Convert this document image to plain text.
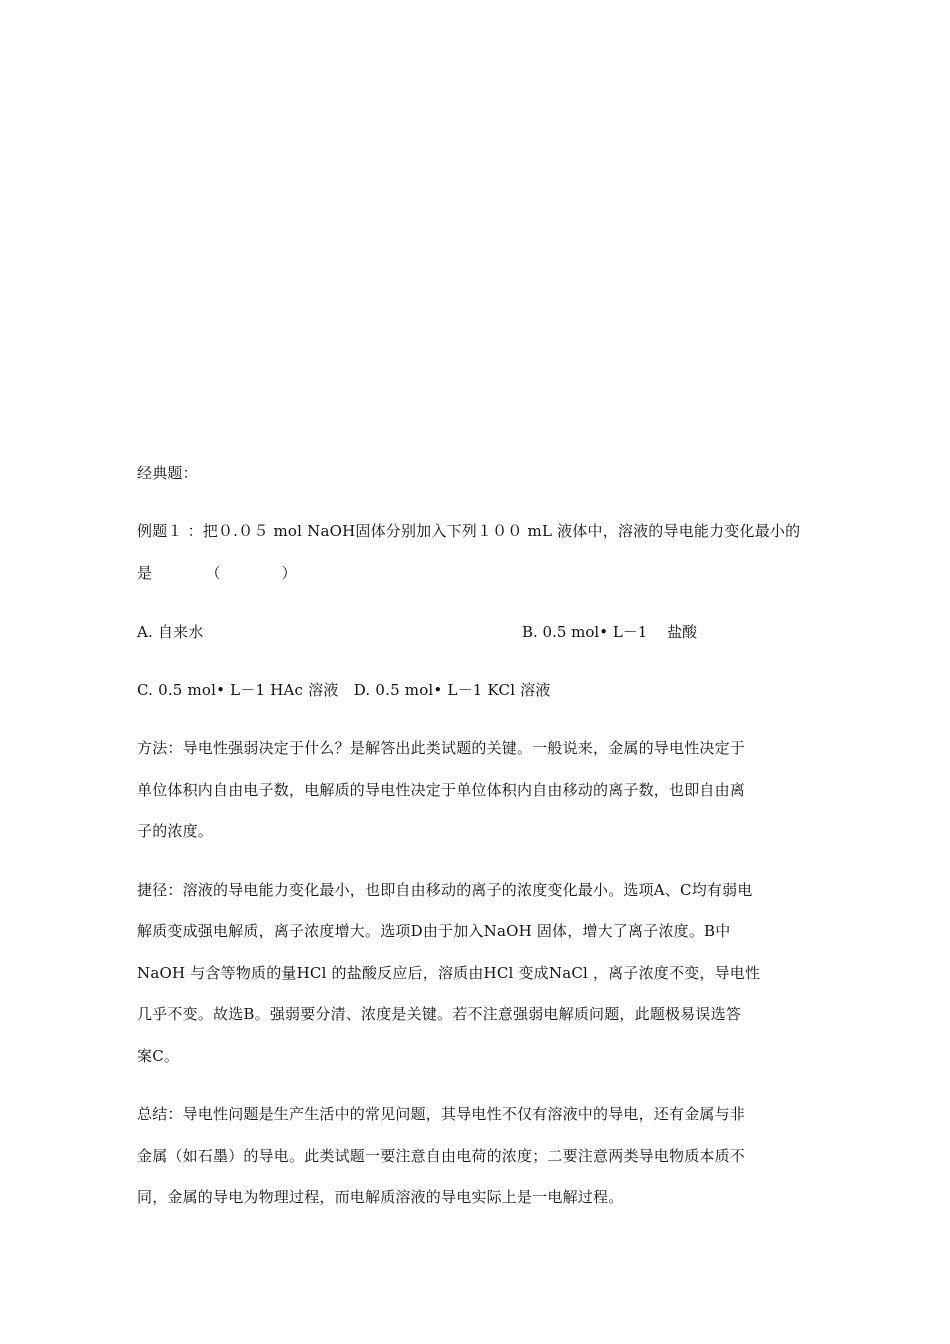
经典题：
例题１ ：把０.０５ mol NaOH固体分别加入下列１００ mL 液体中，溶液的导电能力变化最小的
是　　　　（　　　　）
A. 自来水	B. 0.5 mol• L－1　 盐酸
C. 0.5 mol• L－1 HAc 溶液　D. 0.5 mol• L－1 KCl 溶液
方法：导电性强弱决定于什么？是解答出此类试题的关键。一般说来，金属的导电性决定于
单位体积内自由电子数，电解质的导电性决定于单位体积内自由移动的离子数，也即自由离
子的浓度。
捷径：溶液的导电能力变化最小，也即自由移动的离子的浓度变化最小。选项A、C均有弱电
解质变成强电解质，离子浓度增大。选项D由于加入NaOH 固体，增大了离子浓度。B中
NaOH 与含等物质的量HCl 的盐酸反应后，溶质由HCl 变成NaCl ，离子浓度不变，导电性
几乎不变。故选B。强弱要分清、浓度是关键。若不注意强弱电解质问题，此题极易误选答
案C。
总结：导电性问题是生产生活中的常见问题，其导电性不仅有溶液中的导电，还有金属与非
金属（如石墨）的导电。此类试题一要注意自由电荷的浓度；二要注意两类导电物质本质不
同，金属的导电为物理过程，而电解质溶液的导电实际上是一电解过程。
